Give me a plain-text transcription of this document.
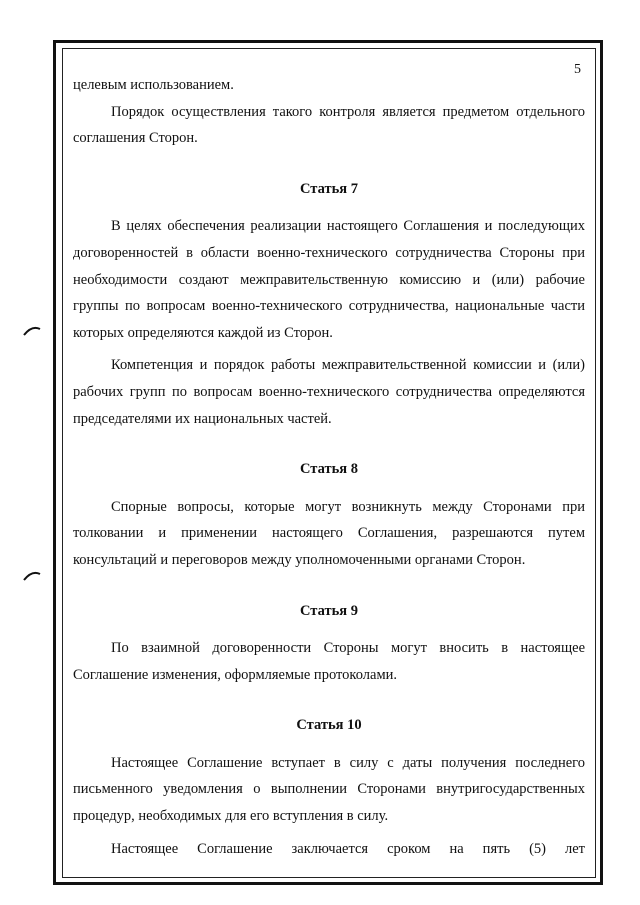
5

целевым использованием.

Порядок осуществления такого контроля является предметом отдельного соглашения Сторон.

Статья 7

В целях обеспечения реализации настоящего Соглашения и последующих договоренностей в области военно-технического сотрудничества Стороны при необходимости создают межправительственную комиссию и (или) рабочие группы по вопросам военно-технического сотрудничества, национальные части которых определяются каждой из Сторон.

Компетенция и порядок работы межправительственной комиссии и (или) рабочих групп по вопросам военно-технического сотрудничества определяются председателями их национальных частей.

Статья 8

Спорные вопросы, которые могут возникнуть между Сторонами при толковании и применении настоящего Соглашения, разрешаются путем консультаций и переговоров между уполномоченными органами Сторон.

Статья 9

По взаимной договоренности Стороны могут вносить в настоящее Соглашение изменения, оформляемые протоколами.

Статья 10

Настоящее Соглашение вступает в силу с даты получения последнего письменного уведомления о выполнении Сторонами внутригосударственных процедур, необходимых для его вступления в силу.

Настоящее Соглашение заключается сроком на пять (5) лет
